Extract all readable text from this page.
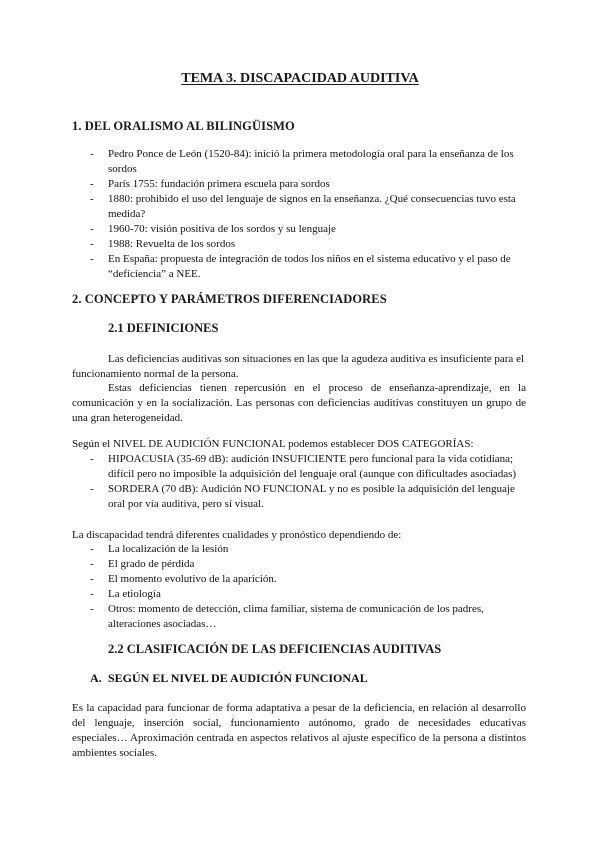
TEMA 3. DISCAPACIDAD AUDITIVA
1. DEL ORALISMO AL BILINGÜISMO
- Pedro Ponce de León (1520-84): inició la primera metodología oral para la enseñanza de los sordos
- París 1755: fundación primera escuela para sordos
- 1880: prohibido el uso del lenguaje de signos en la enseñanza. ¿Qué consecuencias tuvo esta medida?
- 1960-70: visión positiva de los sordos y su lenguaje
- 1988: Revuelta de los sordos
- En España: propuesta de integración de todos los niños en el sistema educativo y el paso de “deficiencia” a NEE.
2. CONCEPTO Y PARÁMETROS DIFERENCIADORES
2.1 DEFINICIONES

Las deficiencias auditivas son situaciones en las que la agudeza auditiva es insuficiente para el funcionamiento normal de la persona.

Estas deficiencias tienen repercusión en el proceso de enseñanza-aprendizaje, en la comunicación y en la socialización. Las personas con deficiencias auditivas constituyen un grupo de una gran heterogeneidad.

Según el NIVEL DE AUDICIÓN FUNCIONAL podemos establecer DOS CATEGORÍAS:

- HIPOACUSIA (35-69 dB): audición INSUFICIENTE pero funcional para la vida cotidiana; difícil pero no imposible la adquisición del lenguaje oral (aunque con dificultades asociadas)
- SORDERA (70 dB): Audición NO FUNCIONAL y no es posible la adquisición del lenguaje oral por vía auditiva, pero sí visual.

La discapacidad tendrá diferentes cualidades y pronóstico dependiendo de:

- La localización de la lesión
- El grado de pérdida
- El momento evolutivo de la aparición.
- La etiología
- Otros: momento de detección, clima familiar, sistema de comunicación de los padres, alteraciones asociadas…
2.2 CLASIFICACIÓN DE LAS DEFICIENCIAS AUDITIVAS
A. SEGÚN EL NIVEL DE AUDICIÓN FUNCIONAL

Es la capacidad para funcionar de forma adaptativa a pesar de la deficiencia, en relación al desarrollo del lenguaje, inserción social, funcionamiento autónomo, grado de necesidades educativas especiales… Aproximación centrada en aspectos relativos al ajuste específico de la persona a distintos ambientes sociales.
